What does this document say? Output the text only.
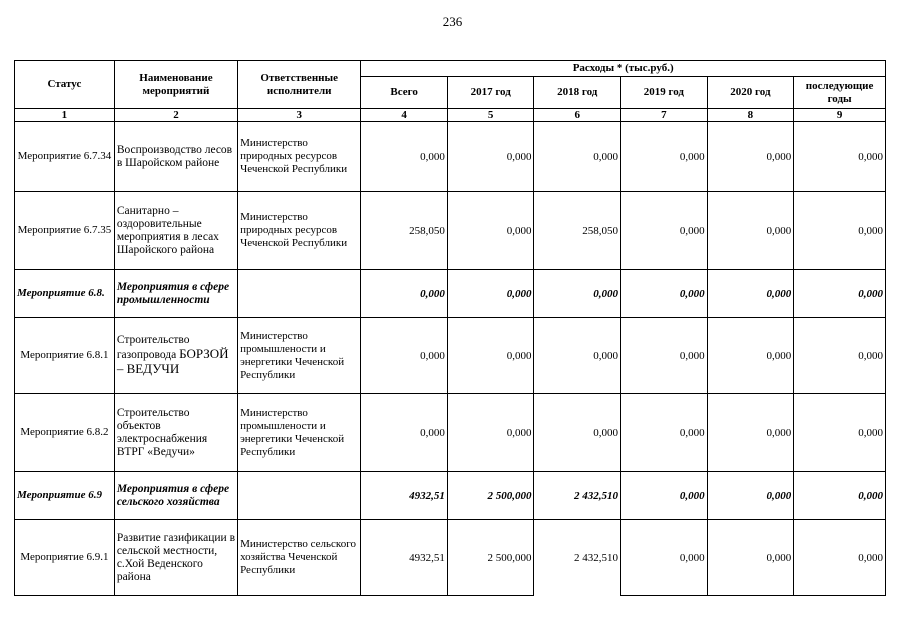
236
Статус	Наименование мероприятий	Ответственные исполнители	Расходы * (тыс.руб.)					
			Всего	2017 год	2018 год	2019 год	2020 год	последующие годы
1	2	3	4	5	6	7	8	9
Мероприятие 6.7.34	Воспроизводство лесов в Шаройском районе	Министерство природных ресурсов Чеченской Республики	0,000	0,000	0,000	0,000	0,000	0,000
Мероприятие 6.7.35	Санитарно – оздоровительные мероприятия в лесах Шаройского района	Министерство природных ресурсов Чеченской Республики	258,050	0,000	258,050	0,000	0,000	0,000
Мероприятие 6.8.	Мероприятия в сфере промышленности		0,000	0,000	0,000	0,000	0,000	0,000
Мероприятие 6.8.1	Строительство газопровода БОРЗОЙ – ВЕДУЧИ	Министерство промышлености и энергетики Чеченской Республики	0,000	0,000	0,000	0,000	0,000	0,000
Мероприятие 6.8.2	Строительство объектов электроснабжения ВТРГ «Ведучи»	Министерство промышлености и энергетики Чеченской Республики	0,000	0,000	0,000	0,000	0,000	0,000
Мероприятие 6.9	Мероприятия в сфере сельского хозяйства		4932,51	2 500,000	2 432,510	0,000	0,000	0,000
Мероприятие 6.9.1	Развитие газификации в сельской местности, с.Хой Веденского района	Министерство сельского хозяйства Чеченской Республики	4932,51	2 500,000	2 432,510	0,000	0,000	0,000
